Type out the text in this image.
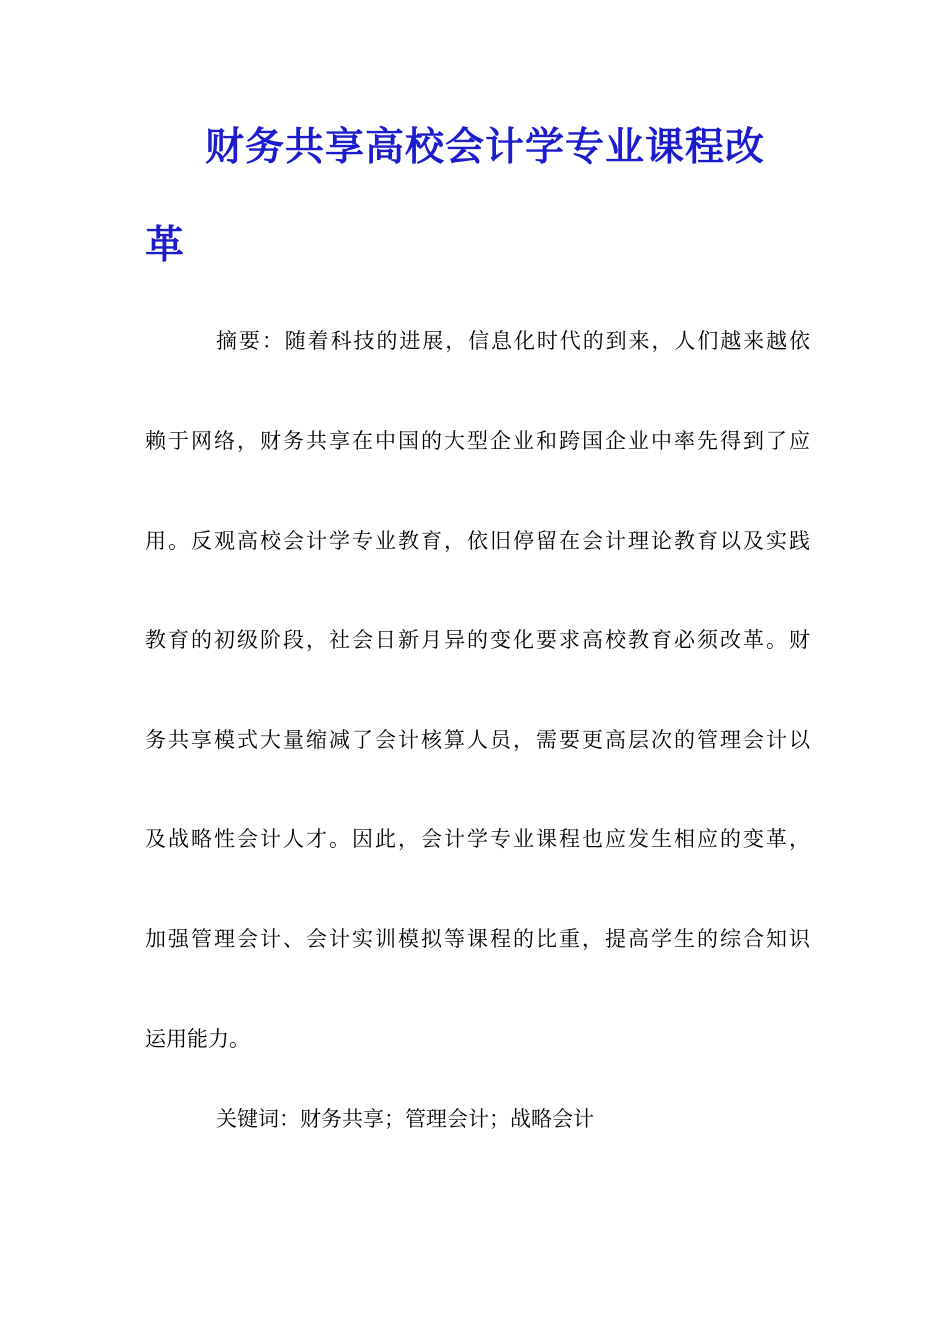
财务共享高校会计学专业课程改
革
摘要：随着科技的进展，信息化时代的到来，人们越来越依
赖于网络，财务共享在中国的大型企业和跨国企业中率先得到了应
用。反观高校会计学专业教育，依旧停留在会计理论教育以及实践
教育的初级阶段，社会日新月异的变化要求高校教育必须改革。财
务共享模式大量缩减了会计核算人员，需要更高层次的管理会计以
及战略性会计人才。因此，会计学专业课程也应发生相应的变革，
加强管理会计、会计实训模拟等课程的比重，提高学生的综合知识
运用能力。
关键词：财务共享；管理会计；战略会计
